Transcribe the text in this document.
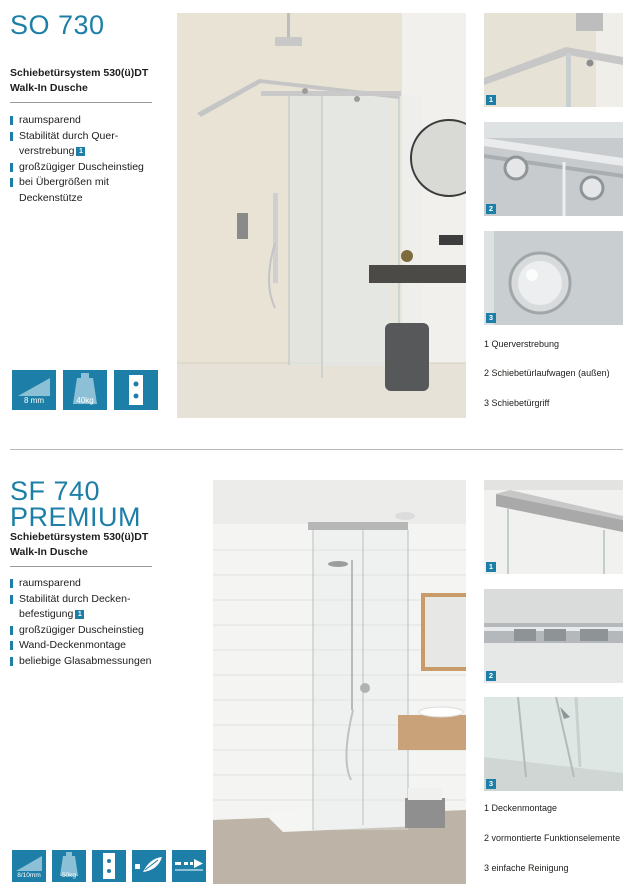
SO 730
Schiebetürsystem 530(ü)DT
Walk-In Dusche
raumsparend
Stabilität durch Quer-
verstrebung 1
großzügiger Duscheinstieg
bei Übergrößen mit
Deckenstütze
8 mm	40kg
1
2
3
1 Querverstrebung
2 Schiebetürlaufwagen (außen)
3 Schiebetürgriff
SF 740
PREMIUM
Schiebetürsystem 530(ü)DT
Walk-In Dusche
raumsparend
Stabilität durch Decken-
befestigung 1
großzügiger Duscheinstieg
Wand-Deckenmontage
beliebige Glasabmessungen
8/10mm	50kg
1
2
3
1 Deckenmontage
2 vormontierte Funktionselemente
3 einfache Reinigung
